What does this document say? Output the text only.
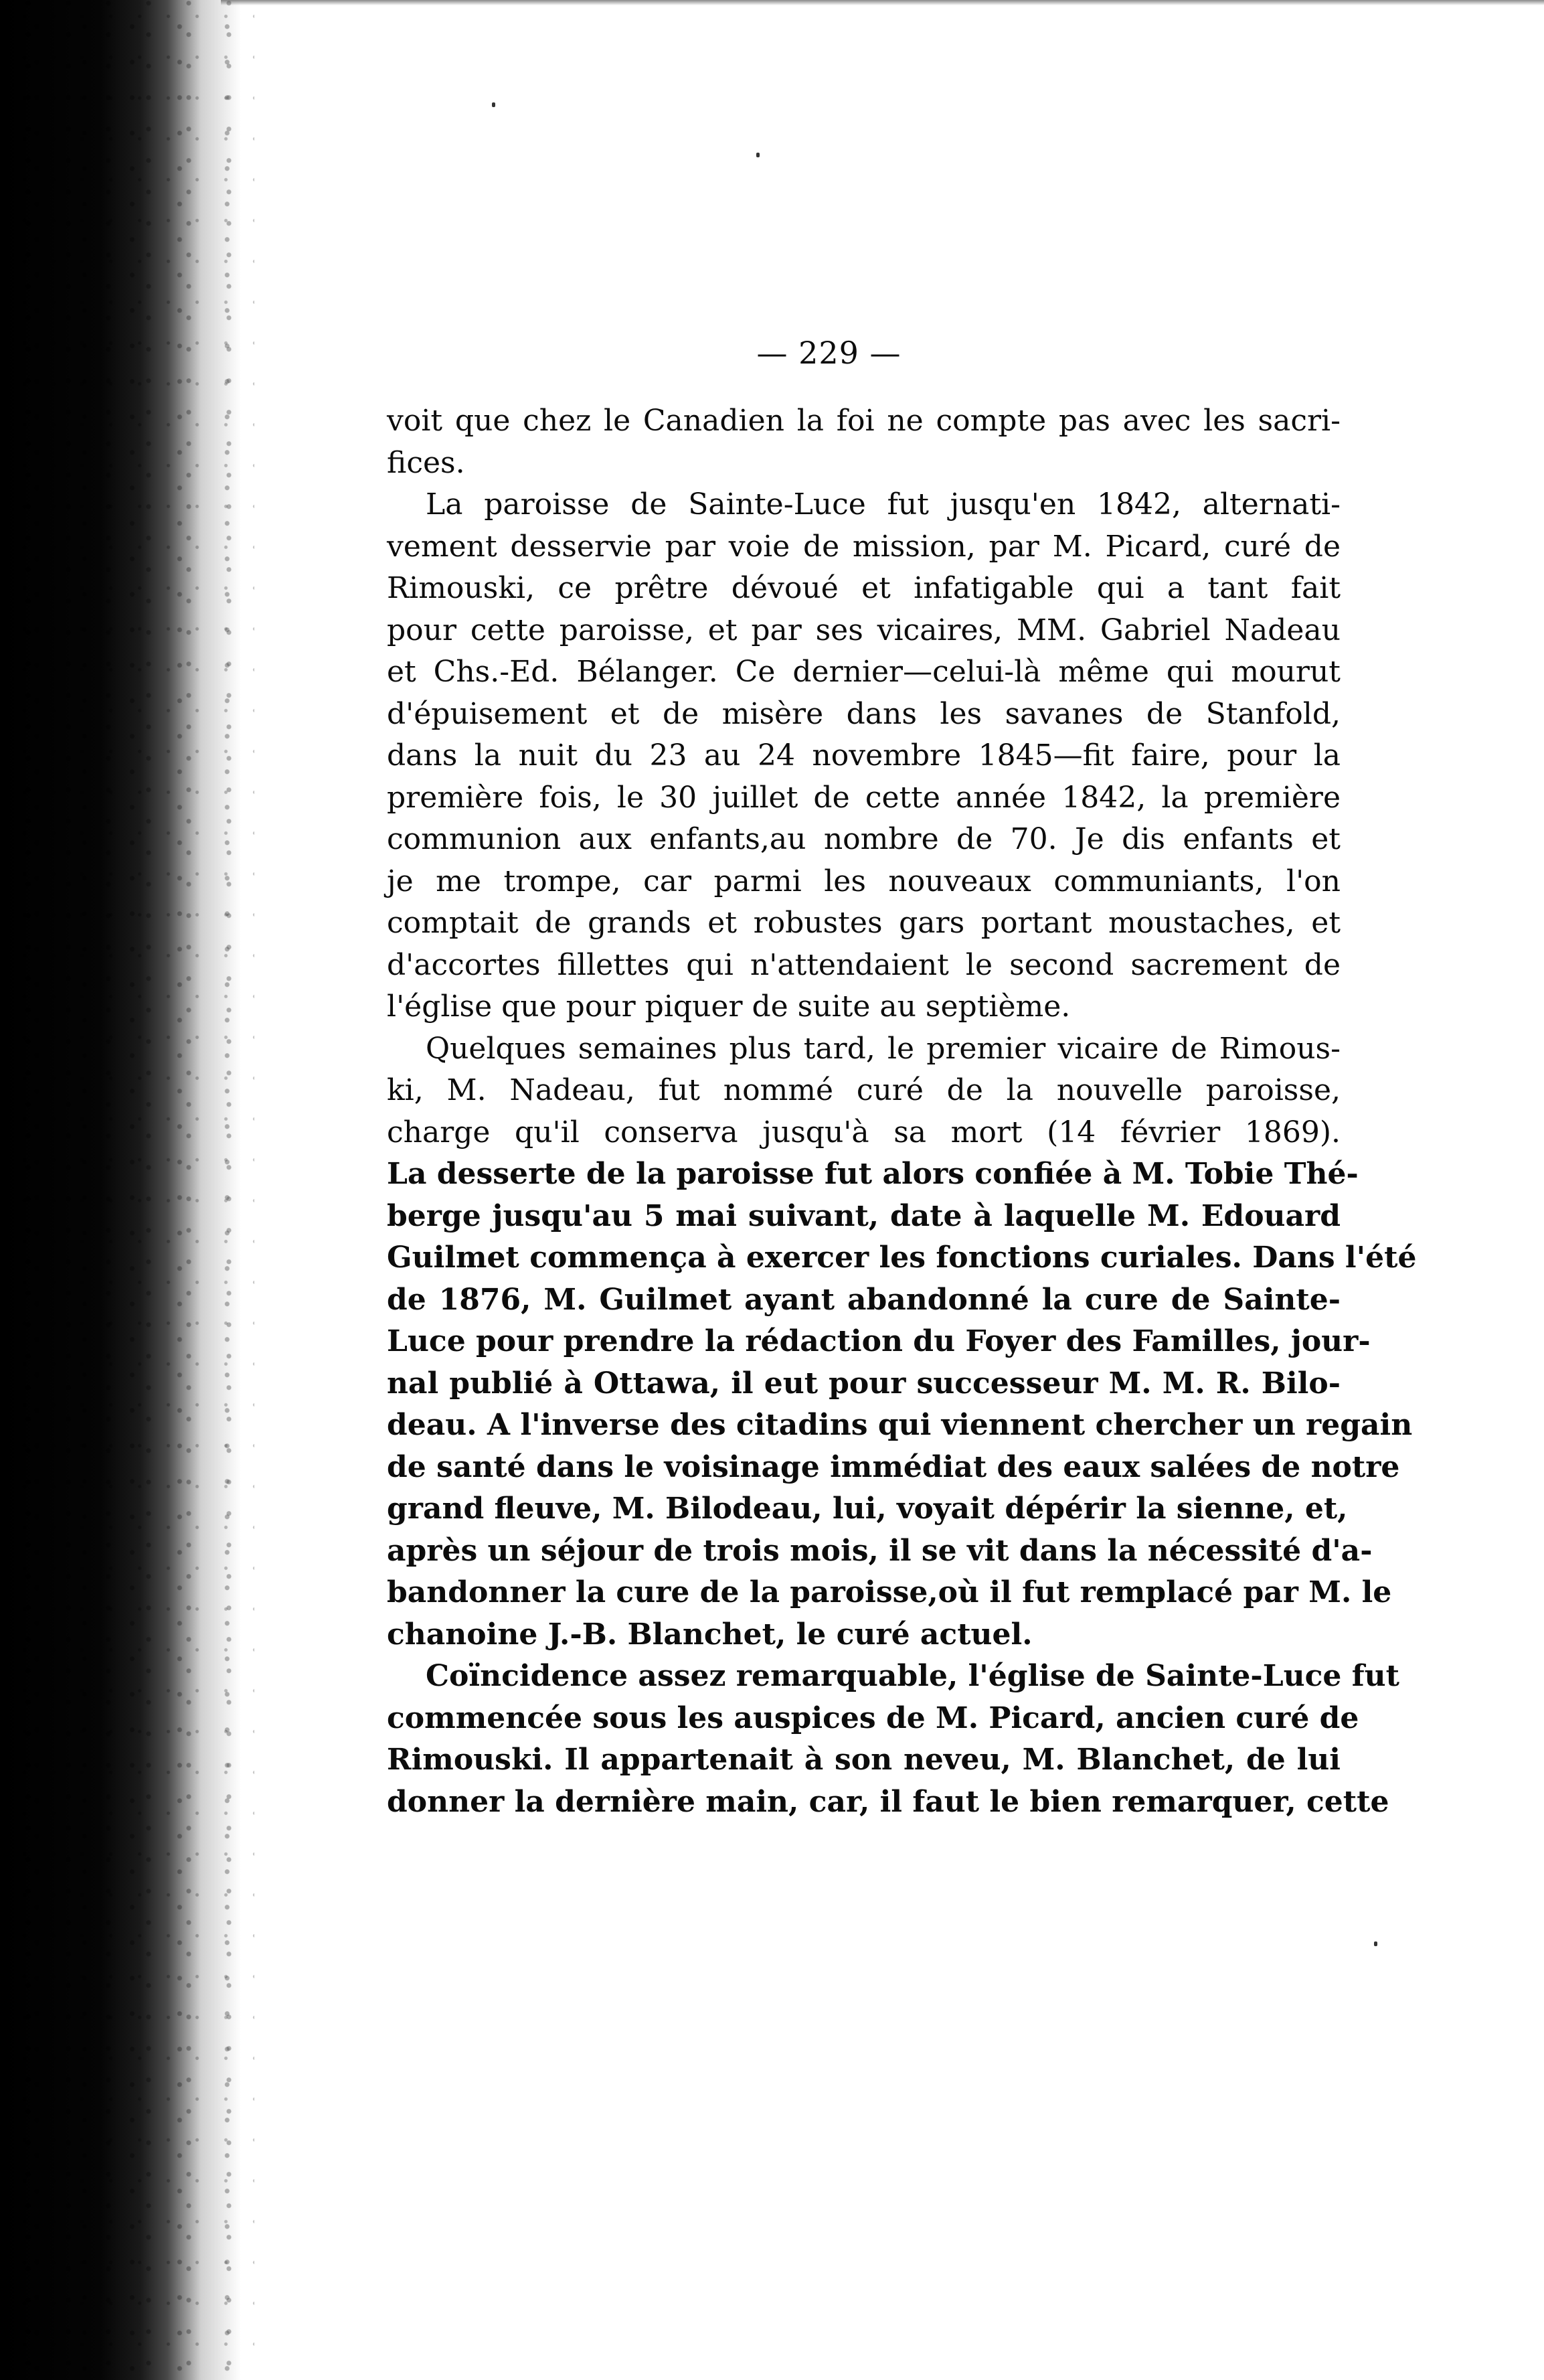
— 229 —
voit que chez le Canadien la foi ne compte pas avec les sacri-
fices.
La paroisse de Sainte-Luce fut jusqu'en 1842, alternati-
vement desservie par voie de mission, par M. Picard, curé de
Rimouski, ce prêtre dévoué et infatigable qui a tant fait
pour cette paroisse, et par ses vicaires, MM. Gabriel Nadeau
et Chs.-Ed. Bélanger. Ce dernier—celui-là même qui mourut
d'épuisement et de misère dans les savanes de Stanfold,
dans la nuit du 23 au 24 novembre 1845—fit faire, pour la
première fois, le 30 juillet de cette année 1842, la première
communion aux enfants,au nombre de 70. Je dis enfants et
je me trompe, car parmi les nouveaux communiants, l'on
comptait de grands et robustes gars portant moustaches, et
d'accortes fillettes qui n'attendaient le second sacrement de
l'église que pour piquer de suite au septième.
Quelques semaines plus tard, le premier vicaire de Rimous-
ki, M. Nadeau, fut nommé curé de la nouvelle paroisse,
charge qu'il conserva jusqu'à sa mort (14 février 1869).
La desserte de la paroisse fut alors confiée à M. Tobie Thé-
berge jusqu'au 5 mai suivant, date à laquelle M. Edouard
Guilmet commença à exercer les fonctions curiales. Dans l'été
de 1876, M. Guilmet ayant abandonné la cure de Sainte-
Luce pour prendre la rédaction du Foyer des Familles, jour-
nal publié à Ottawa, il eut pour successeur M. M. R. Bilo-
deau. A l'inverse des citadins qui viennent chercher un regain
de santé dans le voisinage immédiat des eaux salées de notre
grand fleuve, M. Bilodeau, lui, voyait dépérir la sienne, et,
après un séjour de trois mois, il se vit dans la nécessité d'a-
bandonner la cure de la paroisse,où il fut remplacé par M. le
chanoine J.-B. Blanchet, le curé actuel.
Coïncidence assez remarquable, l'église de Sainte-Luce fut
commencée sous les auspices de M. Picard, ancien curé de
Rimouski. Il appartenait à son neveu, M. Blanchet, de lui
donner la dernière main, car, il faut le bien remarquer, cette
